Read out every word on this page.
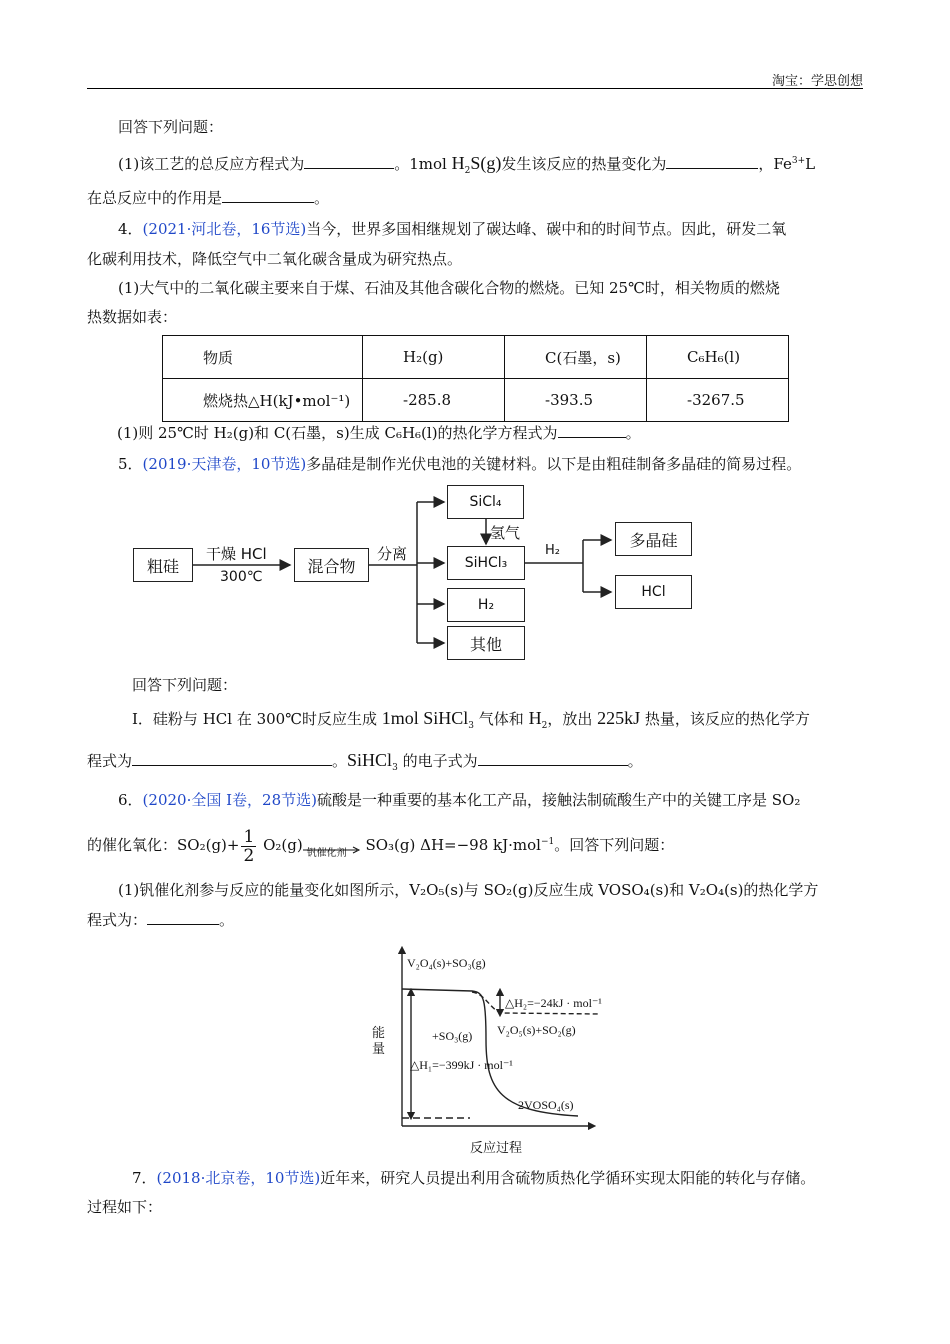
淘宝：学思创想
回答下列问题：
(1)该工艺的总反应方程式为	。1mol $H_2S(g)$发生该反应的热量变化为	，$Fe^{3+}L$
在总反应中的作用是	。
4．(2021·河北卷，16节选)当今，世界多国相继规划了碳达峰、碳中和的时间节点。因此，研发二氧
化碳利用技术，降低空气中二氧化碳含量成为研究热点。
(1)大气中的二氧化碳主要来自于煤、石油及其他含碳化合物的燃烧。已知 25℃时，相关物质的燃烧
热数据如表：
物质	H₂(g)	C(石墨，s)	C₆H₆(l)
燃烧热△H(kJ•mol⁻¹)	-285.8	-393.5	-3267.5
(1)则 25℃时 H₂(g)和 C(石墨，s)生成 C₆H₆(l)的热化学方程式为	。
5．(2019·天津卷，10节选)多晶硅是制作光伏电池的关键材料。以下是由粗硅制备多晶硅的简易过程。
粗硅
干燥 HCl
300℃
混合物
分离
SiCl₄
氢气
SiHCl₃
H₂
H₂
其他
多晶硅
HCl
回答下列问题：
I．硅粉与 HCl 在 300℃时反应生成 1mol SiHCl$_3$ 气体和 $H_2$，放出 225kJ 热量，该反应的热化学方
程式为	。SiHCl$_3$ 的电子式为	。
6．(2020·全国 I卷，28节选)硫酸是一种重要的基本化工产品，接触法制硫酸生产中的关键工序是 SO₂
的催化氧化：$SO_2(g)+ \frac{1}{2} O_2(g)$ 钒催化剂 SO₃(g) ΔH=−98 kJ·mol$^{-1}$。回答下列问题：
(1)钒催化剂参与反应的能量变化如图所示，V₂O₅(s)与 SO₂(g)反应生成 VOSO₄(s)和 V₂O₄(s)的热化学方
程式为：	。
V₂O₄(s)+SO₃(g)
△H₂=−24kJ · mol⁻¹
+SO₃(g) V₂O₅(s)+SO₂(g)
能量
△H₁=−399kJ · mol⁻¹
2VOSO₄(s)
反应过程
7．(2018·北京卷，10节选)近年来，研究人员提出利用含硫物质热化学循环实现太阳能的转化与存储。
过程如下：
